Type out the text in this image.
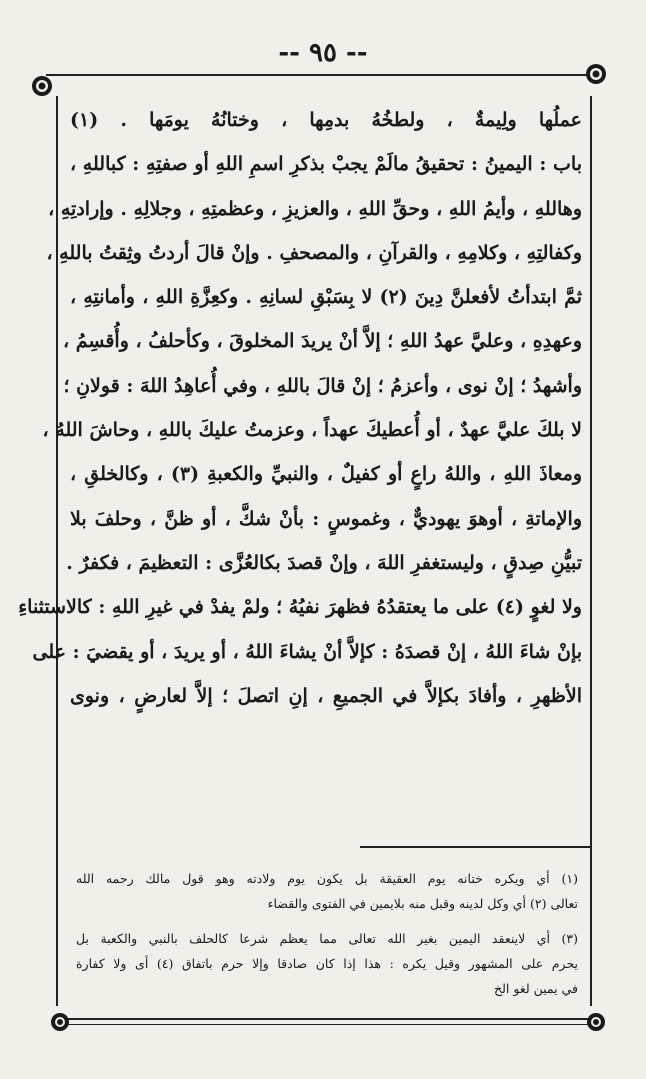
-- ٩٥ --
عملُها ولِيمةٌ ، ولطخُهُ بدمِها ، وختانُهُ يومَها . (١)
باب : اليمينُ : تحقيقُ مالَمْ يجبْ بذكرِ اسمِ اللهِ أو صفتِهِ : كباللهِ ،
وهاللهِ ، وأيمُ اللهِ ، وحقِّ اللهِ ، والعزيزِ ، وعظمتِهِ ، وجلالِهِ . وإرادتِهِ ،
وكفالتِهِ ، وكلامِهِ ، والقرآنِ ، والمصحفِ . وإنْ قالَ أردتُ وثِقتُ باللهِ ،
ثمَّ ابتدأتُ لأفعلنَّ دِينَ (٢) لا بِسَبْقِ لسانِهِ . وكعِزَّةِ اللهِ ، وأمانتِهِ ،
وعهدِهِ ، وعليَّ عهدُ اللهِ ؛ إلاَّ أنْ يريدَ المخلوقَ ، وكأحلفُ ، وأُقسِمُ ،
وأشهدُ ؛ إنْ نوى ، وأعزمُ ؛ إنْ قالَ باللهِ ، وفي أُعاهِدُ اللهَ : قولانِ ؛
لا بلكَ عليَّ عهدٌ ، أو أُعطيكَ عهداً ، وعزمتُ عليكَ باللهِ ، وحاشَ اللهُ ،
ومعاذَ اللهِ ، واللهُ راعٍ أو كفيلٌ ، والنبيِّ والكعبةِ (٣) ، وكالخلقِ ،
والإماتةِ ، أوهوَ يهوديٌّ ، وغموسٍ : بأنْ شكَّ ، أو ظنَّ ، وحلفَ بلا
تبيُّنِ صِدقٍ ، وليستغفرِ اللهَ ، وإنْ قصدَ بكالعُزَّى : التعظيمَ ، فكفرٌ .
ولا لغوٍ (٤) على ما يعتقدُهُ فظهرَ نفيُهُ ؛ ولمْ يفدْ في غيرِ اللهِ : كالاستثناءِ
بإنْ شاءَ اللهُ ، إنْ قصدَهُ : كإلاَّ أنْ يشاءَ اللهُ ، أو يريدَ ، أو يقضيَ : على
الأظهرِ ، وأفادَ بكإلاَّ في الجميعِ ، إنِ اتصلَ ؛ إلاَّ لعارضٍ ، ونوى
(١) أي ويكره ختانه يوم العقيقة بل يكون يوم ولادته وهو قول مالك رحمه الله
تعالى (٢) أي وكل لدينه وقبل منه بلايمين في الفتوى والقضاء
(٣) أي لاينعقد اليمين بغير الله تعالى مما يعظم شرعا كالحلف بالنبي والكعبة بل
يحرم على المشهور وقيل يكره : هذا إذا كان صادقا وإلا حرم باتفاق (٤) أى ولا كفارة
في يمين لغو الخ
